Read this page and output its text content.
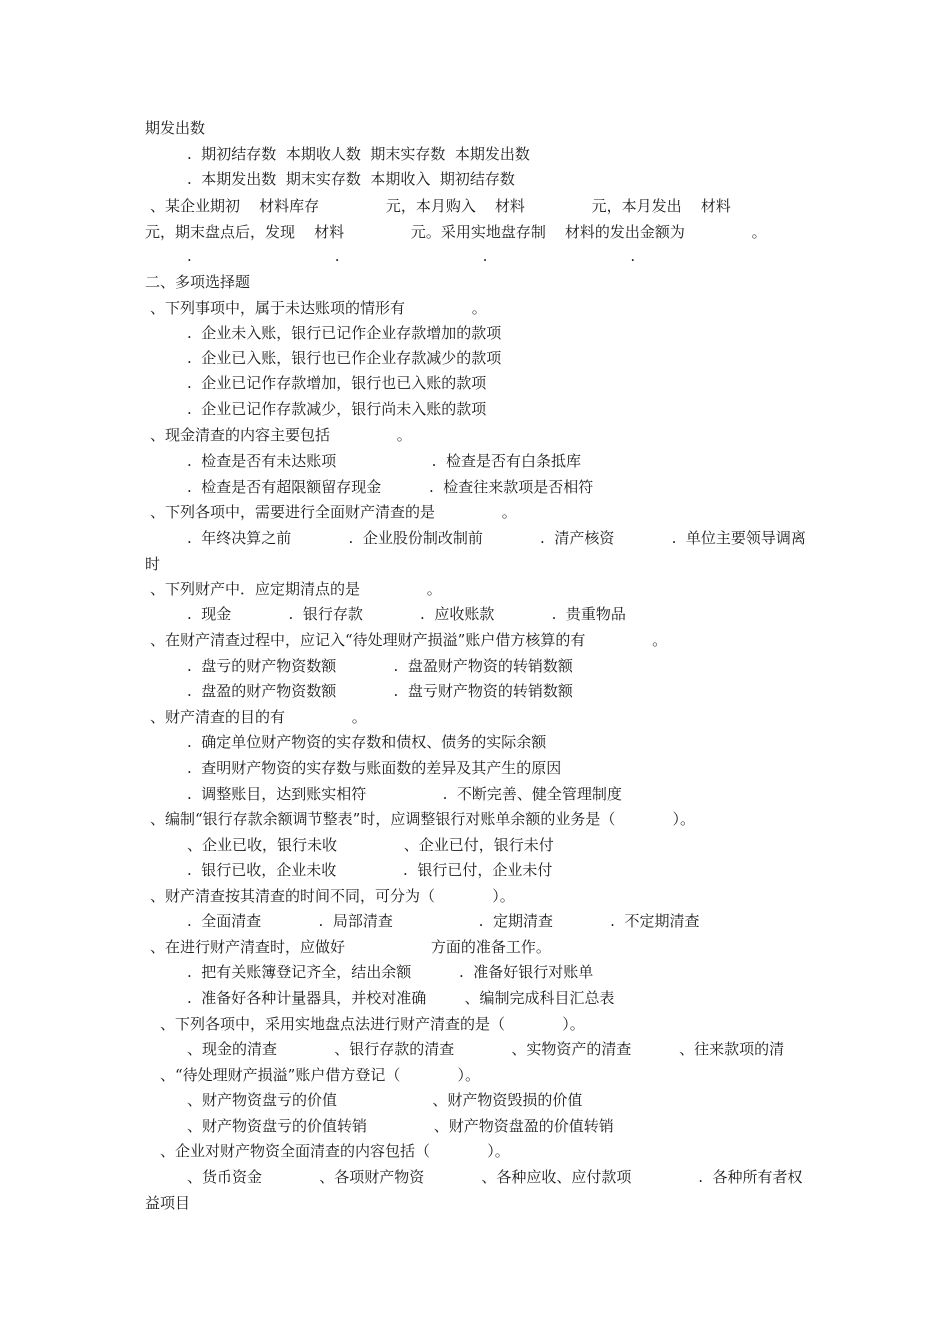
期发出数
.  期初结存数  本期收人数  期末实存数  本期发出数
.  本期发出数  期末实存数  本期收入  期初结存数
、某企业期初    材料库存              元，本月购入    材料              元，本月发出    材料
元，期末盘点后，发现    材料              元。采用实地盘存制    材料的发出金额为              。
.                              .                              .                              .
二、多项选择题
、下列事项中，属于未达账项的情形有              。
.  企业未入账，银行已记作企业存款增加的款项
.  企业已入账，银行也已作企业存款减少的款项
.  企业已记作存款增加，银行也已入账的款项
.  企业已记作存款减少，银行尚未入账的款项
、现金清查的内容主要包括              。
.  检查是否有未达账项                    .  检查是否有白条抵库
.  检查是否有超限额留存现金          .  检查往来款项是否相符
、下列各项中，需要进行全面财产清查的是              。
.  年终决算之前            .  企业股份制改制前            .  清产核资            .  单位主要领导调离
时
、下列财产中．应定期清点的是              。
.  现金            .  银行存款            .  应收账款            .  贵重物品
、在财产清查过程中，应记入“待处理财产损溢”账户借方核算的有              。
.  盘亏的财产物资数额            .  盘盈财产物资的转销数额
.  盘盈的财产物资数额            .  盘亏财产物资的转销数额
、财产清查的目的有              。
.  确定单位财产物资的实存数和债权、债务的实际余额
.  查明财产物资的实存数与账面数的差异及其产生的原因
.  调整账目，达到账实相符                .  不断完善、健全管理制度
、编制“银行存款余额调节整表”时，应调整银行对账单余额的业务是（            ）。
、企业已收，银行未收              、企业已付，银行未付
.  银行已收，企业未收              .  银行已付，企业未付
、财产清查按其清查的时间不同，可分为（            ）。
.  全面清查            .  局部清查                  .  定期清查            .  不定期清查
、在进行财产清查时，应做好                  方面的准备工作。
.  把有关账簿登记齐全，结出余额          .  准备好银行对账单
.  准备好各种计量器具，并校对准确        、编制完成科目汇总表
、下列各项中，采用实地盘点法进行财产清查的是（            ）。
、现金的清查            、银行存款的清查            、实物资产的清查          、往来款项的清
、“待处理财产损溢”账户借方登记（            ）。
、财产物资盘亏的价值                    、财产物资毁损的价值
、财产物资盘亏的价值转销              、财产物资盘盈的价值转销
、企业对财产物资全面清查的内容包括（            ）。
、货币资金            、各项财产物资            、各种应收、应付款项              .  各种所有者权
益项目
